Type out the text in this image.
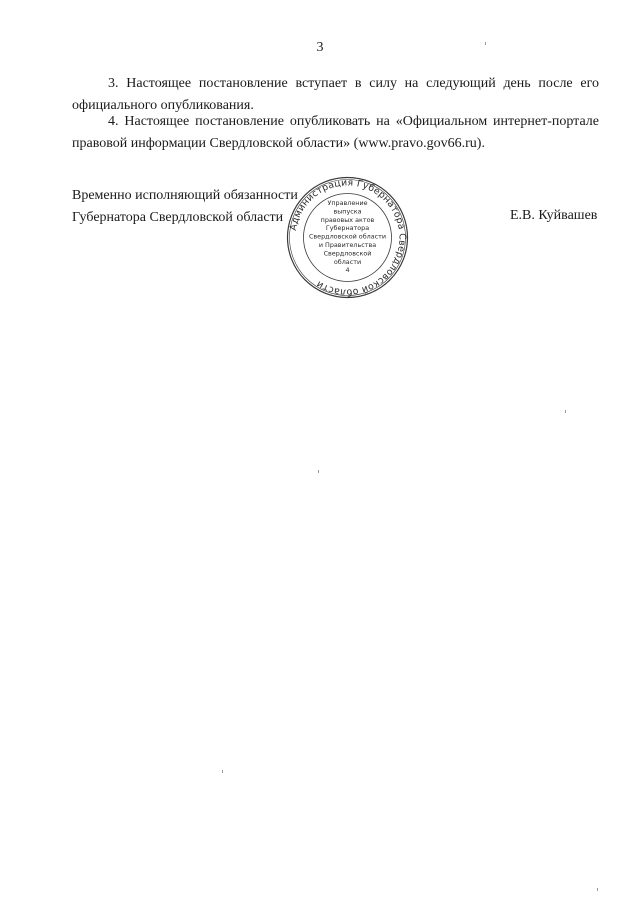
3
3. Настоящее постановление вступает в силу на следующий день после его официального опубликования.
4. Настоящее постановление опубликовать на «Официальном интернет-портале правовой информации Свердловской области» (www.pravo.gov66.ru).
Временно исполняющий обязанности
Губернатора Свердловской области	Е.В. Куйвашев
Администрация Губернатора Свердловской области
Управление
выпуска
правовых актов
Губернатора
Свердловской области
и Правительства
Свердловской
области
4
